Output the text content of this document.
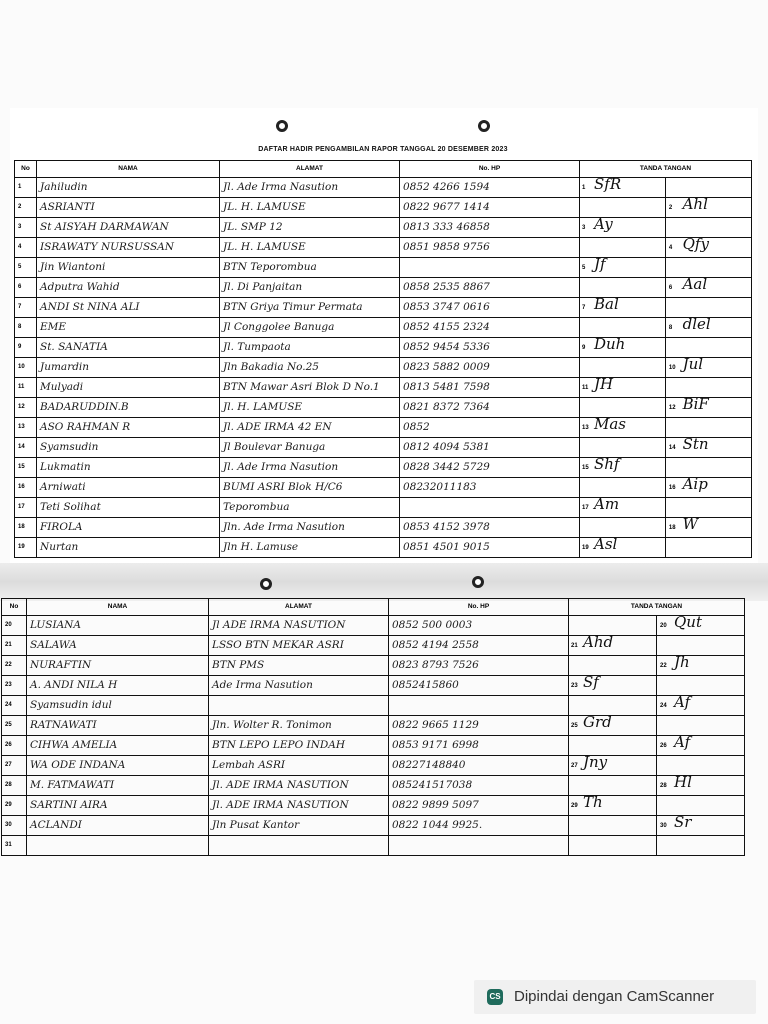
DAFTAR HADIR PENGAMBILAN RAPOR TANGGAL 20 DESEMBER 2023
No	NAMA	ALAMAT	No. HP	TANDA TANGAN
1	Jahiludin	Jl. Ade Irma Nasution	0852 4266 1594	1 SfR

2	ASRIANTI	JL. H. LAMUSE	0822 9677 1414	2 Ahl

3	St AISYAH DARMAWAN	JL. SMP 12	0813 333 46858	3 Ay

4	ISRAWATY NURSUSSAN	JL. H. LAMUSE	0851 9858 9756	4 Qfy

5	Jin Wiantoni	BTN Teporombua		5 Jf

6	Adputra Wahid	Jl. Di Panjaitan	0858 2535 8867	6 Aal

7	ANDI St NINA ALI	BTN Griya Timur Permata	0853 3747 0616	7 Bal

8	EME	Jl Conggolee Banuga	0852 4155 2324	8 dlel

9	St. SANATIA	Jl. Tumpaota	0852 9454 5336	9 Duh

10	Jumardin	Jln Bakadia No.25	0823 5882 0009	10 Jul

11	Mulyadi	BTN Mawar Asri Blok D No.1	0813 5481 7598	11 JH

12	BADARUDDIN.B	Jl. H. LAMUSE	0821 8372 7364	12 BiF

13	ASO RAHMAN R	Jl. ADE IRMA 42 EN	0852	13 Mas

14	Syamsudin	Jl Boulevar Banuga	0812 4094 5381	14 Stn

15	Lukmatin	Jl. Ade Irma Nasution	0828 3442 5729	15 Shf

16	Arniwati	BUMI ASRI Blok H/C6	08232011183	16 Aip

17	Teti Solihat	Teporombua		17 Am

18	FIROLA	Jln. Ade Irma Nasution	0853 4152 3978	18 W

19	Nurtan	Jln H. Lamuse	0851 4501 9015	19 Asl
No	NAMA	ALAMAT	No. HP	TANDA TANGAN
20	LUSIANA	Jl ADE IRMA NASUTION	0852 500 0003	20 Qut

21	SALAWA	LSSO BTN MEKAR ASRI	0852 4194 2558	21 Ahd

22	NURAFTIN	BTN PMS	0823 8793 7526	22 Jh

23	A. ANDI NILA H	Ade Irma Nasution	0852415860	23 Sf

24	Syamsudin idul			24 Af

25	RATNAWATI	Jln. Wolter R. Tonimon	0822 9665 1129	25 Grd

26	CIHWA AMELIA	BTN LEPO LEPO INDAH	0853 9171 6998	26 Af

27	WA ODE INDANA	Lembah ASRI	08227148840	27 Jny

28	M. FATMAWATI	Jl. ADE IRMA NASUTION	085241517038	28 Hl

29	SARTINI AIRA	Jl. ADE IRMA NASUTION	0822 9899 5097	29 Th

30	ACLANDI	Jln Pusat Kantor	0822 1044 9925.	30 Sr

31				
CS Dipindai dengan CamScanner
